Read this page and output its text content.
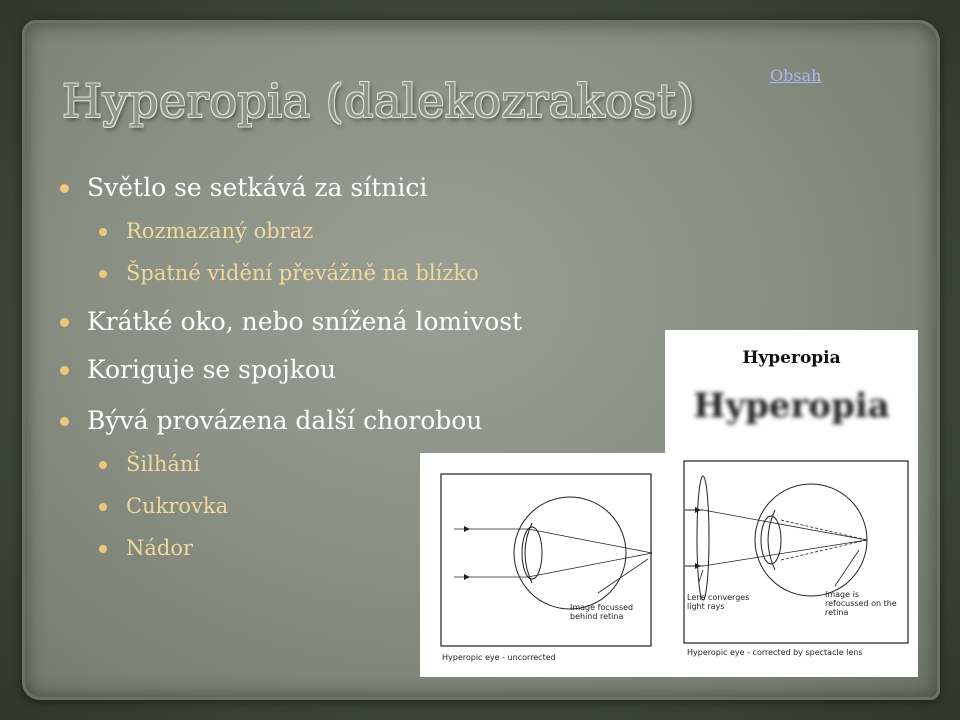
Hyperopia (dalekozrakost)	Obsah
Světlo se setkává za sítnici
Rozmazaný obraz
Špatné vidění převážně na blízko
Krátké oko, nebo snížená lomivost
Koriguje se spojkou
Bývá provázena další chorobou
Šilhání
Cukrovka
Nádor
Hyperopia
Hyperopia
Lens converges light rays
Image is refocussed on the retina
Hyperopic eye - corrected by spectacle lens
Image focussed behind retina
Hyperopic eye - uncorrected
